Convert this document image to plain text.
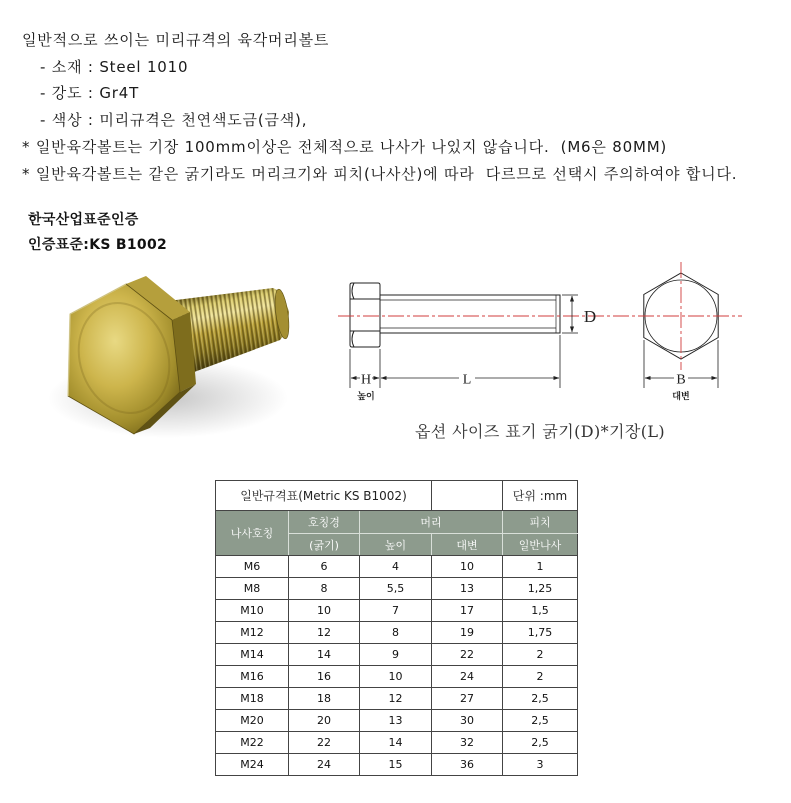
일반적으로 쓰이는 미리규격의 육각머리볼트
- 소재 : Steel 1010
- 강도 : Gr4T
- 색상 : 미리규격은 천연색도금(금색),
* 일반육각볼트는 기장 100mm이상은 전체적으로 나사가 나있지 않습니다.  (M6은 80MM)
* 일반육각볼트는 같은 굵기라도 머리크기와 피치(나사산)에 따라  다르므로 선택시 주의하여야 합니다.
한국산업표준인증
인증표준:KS B1002
D
H
높이
L	B
대변
옵션 사이즈 표기 굵기(D)*기장(L)
일반규격표(Metric KS B1002)				단위 :mm
나사호칭	호칭경	머리		피치
	(굵기)	높이	대변	일반나사
M6	6	4	10	1
M8	8	5,5	13	1,25
M10	10	7	17	1,5
M12	12	8	19	1,75
M14	14	9	22	2
M16	16	10	24	2
M18	18	12	27	2,5
M20	20	13	30	2,5
M22	22	14	32	2,5
M24	24	15	36	3
